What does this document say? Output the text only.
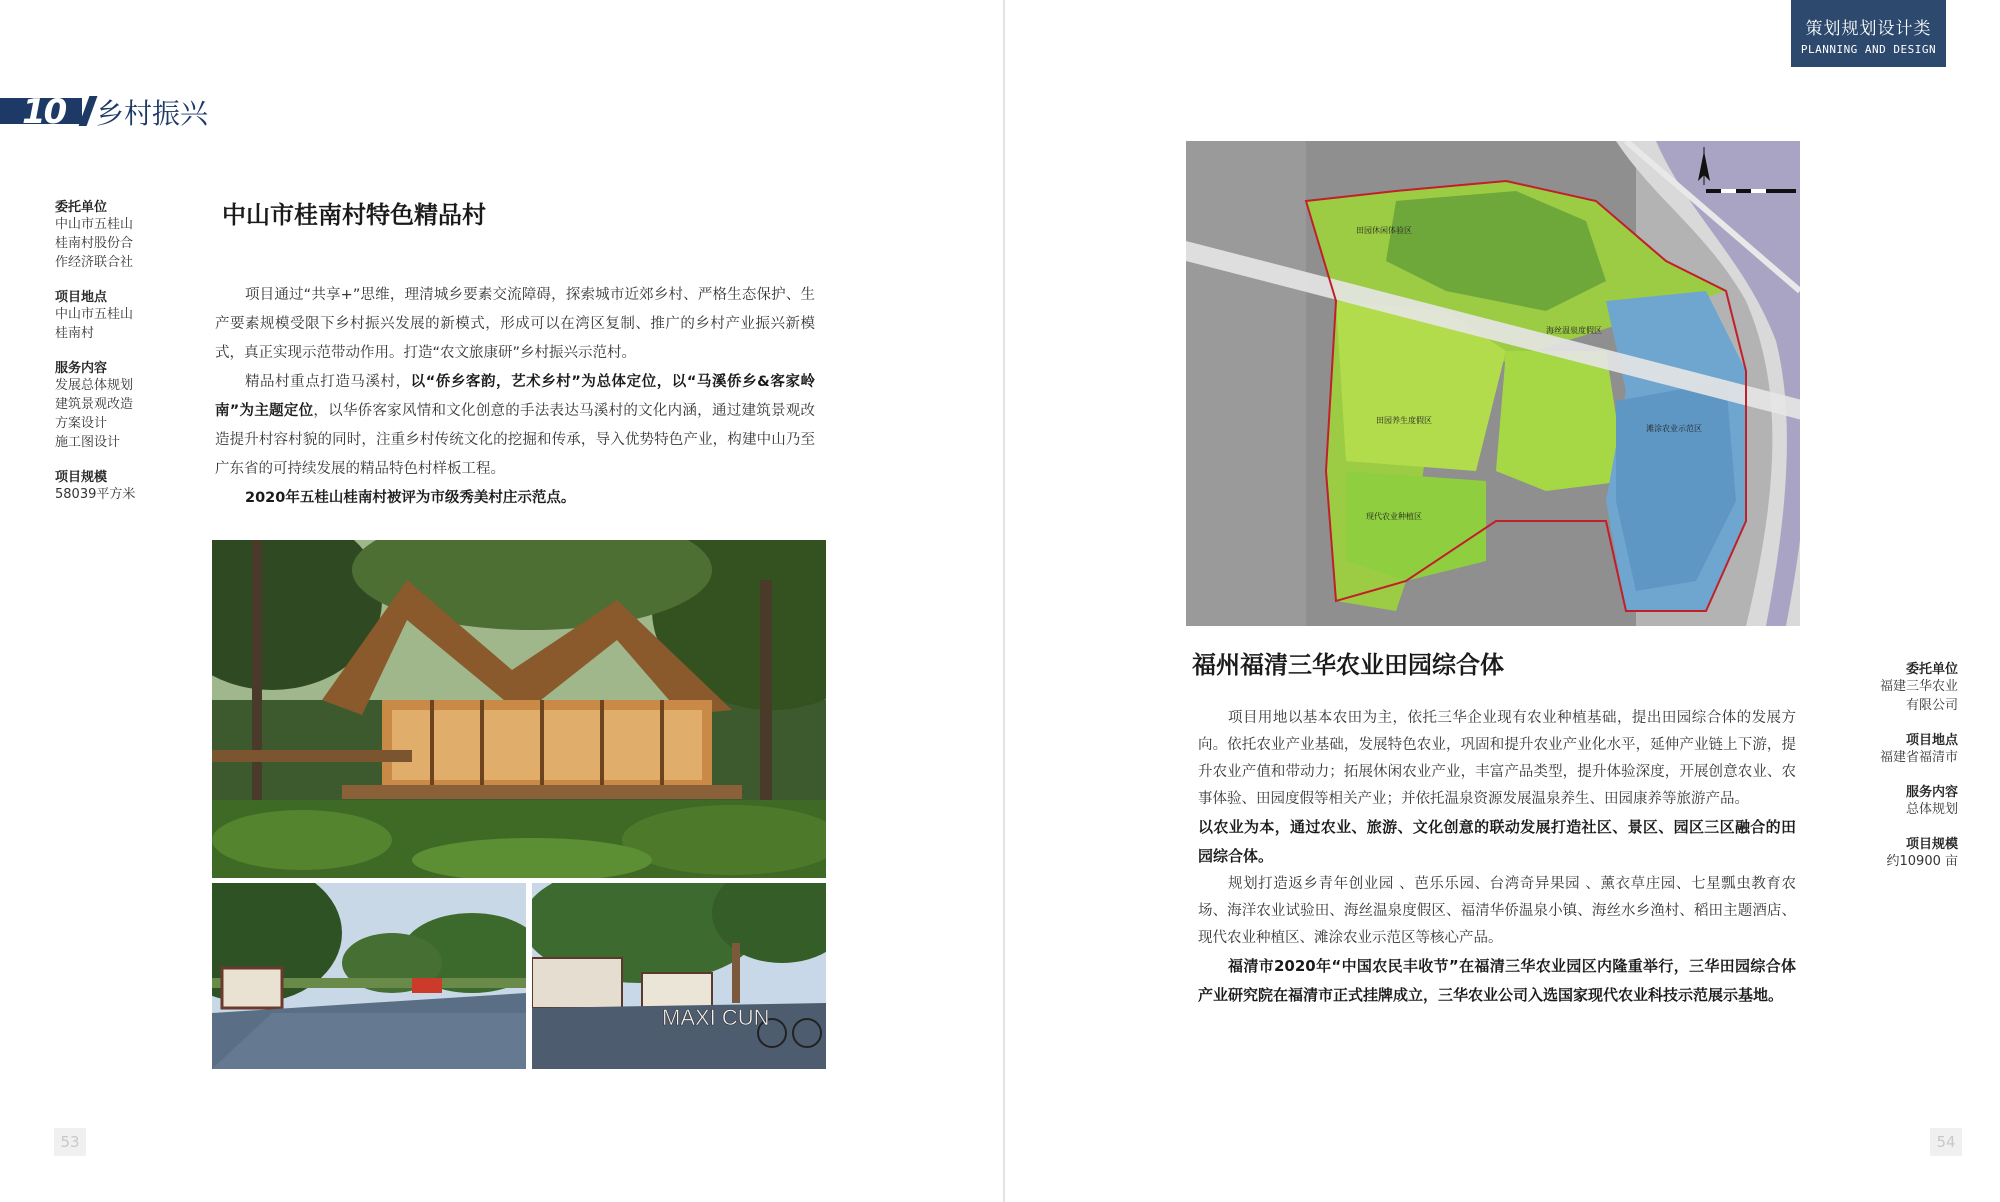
10 乡村振兴
委托单位
中山市五桂山
桂南村股份合
作经济联合社
项目地点
中山市五桂山
桂南村
服务内容
发展总体规划
建筑景观改造
方案设计
施工图设计
项目规模
58039平方米
中山市桂南村特色精品村
项目通过“共享+”思维，理清城乡要素交流障碍，探索城市近郊乡村、严格生态保护、生产要素规模受限下乡村振兴发展的新模式，形成可以在湾区复制、推广的乡村产业振兴新模式，真正实现示范带动作用。打造“农文旅康研”乡村振兴示范村。
精品村重点打造马溪村，以“侨乡客韵，艺术乡村”为总体定位，以“马溪侨乡&客家岭南”为主题定位，以华侨客家风情和文化创意的手法表达马溪村的文化内涵，通过建筑景观改造提升村容村貌的同时，注重乡村传统文化的挖掘和传承，导入优势特色产业，构建中山乃至广东省的可持续发展的精品特色村样板工程。
2020年五桂山桂南村被评为市级秀美村庄示范点。
MAXI CUN
53
策划规划设计类
PLANNING AND DESIGN
田园休闲体验区
海丝温泉度假区
田园养生度假区
滩涂农业示范区
现代农业种植区
福州福清三华农业田园综合体
项目用地以基本农田为主，依托三华企业现有农业种植基础，提出田园综合体的发展方向。依托农业产业基础，发展特色农业，巩固和提升农业产业化水平，延伸产业链上下游，提升农业产值和带动力；拓展休闲农业产业，丰富产品类型，提升体验深度，开展创意农业、农事体验、田园度假等相关产业；并依托温泉资源发展温泉养生、田园康养等旅游产品。
以农业为本，通过农业、旅游、文化创意的联动发展打造社区、景区、园区三区融合的田园综合体。
规划打造返乡青年创业园 、芭乐乐园、台湾奇异果园 、薰衣草庄园、七星瓢虫教育农场、海洋农业试验田、海丝温泉度假区、福清华侨温泉小镇、海丝水乡渔村、稻田主题酒店、现代农业种植区、滩涂农业示范区等核心产品。
福清市2020年“中国农民丰收节”在福清三华农业园区内隆重举行，三华田园综合体产业研究院在福清市正式挂牌成立，三华农业公司入选国家现代农业科技示范展示基地。
委托单位
福建三华农业
有限公司
项目地点
福建省福清市
服务内容
总体规划
项目规模
约10900 亩
54
